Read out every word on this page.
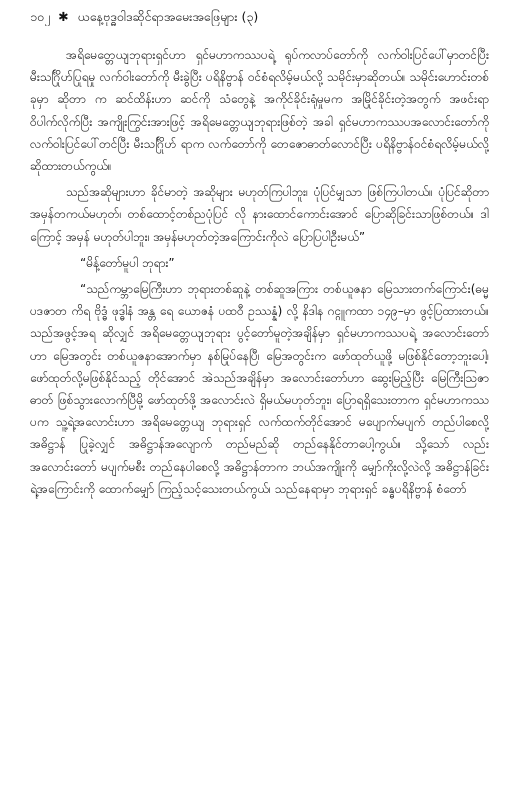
၁၀၂ ✱ ယနေ့ဗုဒ္ဓဝါဒဆိုင်ရာအမေးအဖြေများ (၃)

အရိမေတ္တေယျဘုရားရှင်ဟာ ရှင်မဟာကဿပရဲ့ ရုပ်ကလာပ်တော်ကို လက်ဝါးပြင်ပေါ်မှာတင်ပြီး မီးသင်္ဂြိုဟ်ပြုရမှု လက်ဝါးတော်ကို မီးခွဲပြီး ပရိနိဗ္ဗာန် ဝင်စံရလိမ့်မယ်လို့ သမိုင်းမှာဆိုတယ်။ သမိုင်းဟောင်းတစ်ခုမှာ ဆိုတာ က ဆင်ထိန်းဟာ ဆင်ကို သံတွေနဲ့ အကိုင်ခိုင်းရုံမှုမက အမြိုင်ခိုင်းတဲ့အတွက် အဖင်းရာ ဝိပါက်လိုက်ပြီး အကျိုးကြွင်းအားဖြင့် အရိမေတ္တေယျဘုရားဖြစ်တဲ့ အခါ ရှင်မဟာကဿပအလောင်းတော်ကို လက်ဝါးပြင်ပေါ်တင်ပြီး မီးသင်္ဂြိုဟ် ရာက လက်တော်ကို တေဇောဓာတ်လောင်ပြီး ပရိနိဗ္ဗာန်ဝင်စံရလိမ့်မယ်လို့ ဆိုထားတယ်ကွယ်။

သည်အဆိုများဟာ ခိုင်မာတဲ့ အဆိုများ မဟုတ်ကြပါဘူး၊ ပုံပြင်မျှသာ ဖြစ်ကြပါတယ်။ ပုံပြင်ဆိုတာ အမှန်တကယ်မဟုတ်၊ တစ်ထောင့်တစ်ညပုံပြင် လို နားထောင်ကောင်းအောင် ပြောဆိုခြင်းသာဖြစ်တယ်။ ဒါကြောင့် အမှန် မဟုတ်ပါဘူး၊ အမှန်မဟုတ်တဲ့အကြောင်းကိုလဲ ပြောပြပါဦးမယ်”

“မိန့်တော်မူပါ ဘုရား”

“သည်ကမ္ဘာမြေကြီးဟာ ဘုရားတစ်ဆူနဲ့ တစ်ဆူအကြား တစ်ယူဇနာ မြေသားတက်ကြောင်း(ဓမ္မပဒဇာတ ကိရ ဗိုဒ္ဓံ ဖုဒ္ဓါနံ အန္တ ရေ ယောဇနံ ပထဝီ ဥဿန္နံ) လို့ နိဒါန ဂင္ဂူကထာ ၁၄၉–မှာ ဖွင့်ပြထားတယ်။ သည်အဖွင့်အရ ဆိုလျှင် အရိမေတ္တေယျဘုရား ပွင့်တော်မူတဲ့အချိန်မှာ ရှင်မဟာကဿပရဲ့ အလောင်းတော်ဟာ မြေအတွင်း တစ်ယူဇနာအောက်မှာ နစ်မြုပ်နေပြီ၊ မြေအတွင်းက ဖော်ထုတ်ယူဖို့ မဖြစ်နိုင်တော့ဘူးပေါ့၊ ဖော်ထုတ်လို့မဖြစ်နိုင်သည့် တိုင်အောင် အဲသည်အချိန်မှာ အလောင်းတော်ဟာ ဆွေးမြည့်ပြီး မြေကြီးသြဇာ ဓာတ် ဖြစ်သွားလောက်ပြီမို့ ဖော်ထုတ်ဖို့ အလောင်းလဲ ရှိမယ်မဟုတ်ဘူး၊ ပြောရရှိသေးတာက ရှင်မဟာကဿပက သူ့ရဲ့အလောင်းဟာ အရိမေတ္တေယျ ဘုရားရှင် လက်ထက်တိုင်အောင် မပျောက်မပျက် တည်ပါစေလို့ အဓိဋ္ဌာန် ပြုခဲ့လျှင် အဓိဋ္ဌာန်အလျောက် တည်မည်ဆို တည်နေနိုင်တာပေါ့ကွယ်။ သို့သော် လည်း အလောင်းတော် မပျက်မစီး တည်နေပါစေလို့ အဓိဋ္ဌာန်တာက ဘယ်အကျိုးကို မျှော်ကိုးလို့လဲလို့ အဓိဋ္ဌာန်ခြင်းရဲ့အကြောင်းကို ထောက်မျှော် ကြည့်သင့်သေးတယ်ကွယ်၊ သည်နေရာမှာ ဘုရားရှင် ခန္ဓပရိနိဗ္ဗာန် စံတော်
